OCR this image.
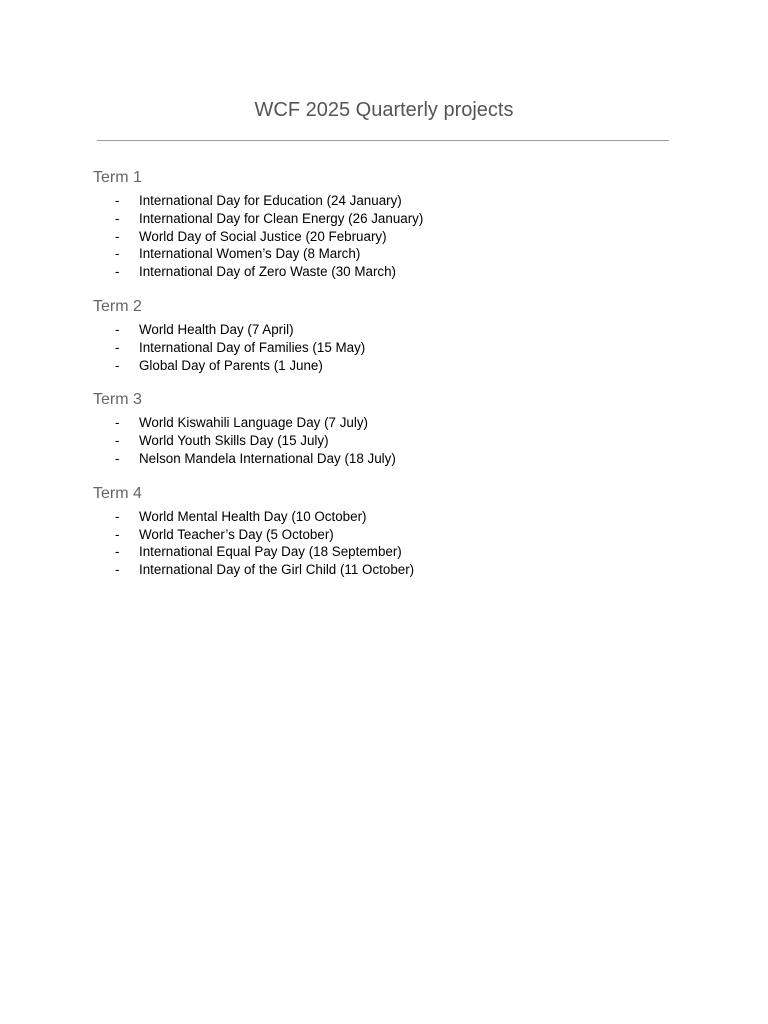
WCF 2025 Quarterly projects
Term 1
- International Day for Education (24 January)
- International Day for Clean Energy (26 January)
- World Day of Social Justice (20 February)
- International Women’s Day (8 March)
- International Day of Zero Waste (30 March)
Term 2
- World Health Day (7 April)
- International Day of Families (15 May)
- Global Day of Parents (1 June)
Term 3
- World Kiswahili Language Day (7 July)
- World Youth Skills Day (15 July)
- Nelson Mandela International Day (18 July)
Term 4
- World Mental Health Day (10 October)
- World Teacher’s Day (5 October)
- International Equal Pay Day (18 September)
- International Day of the Girl Child (11 October)
